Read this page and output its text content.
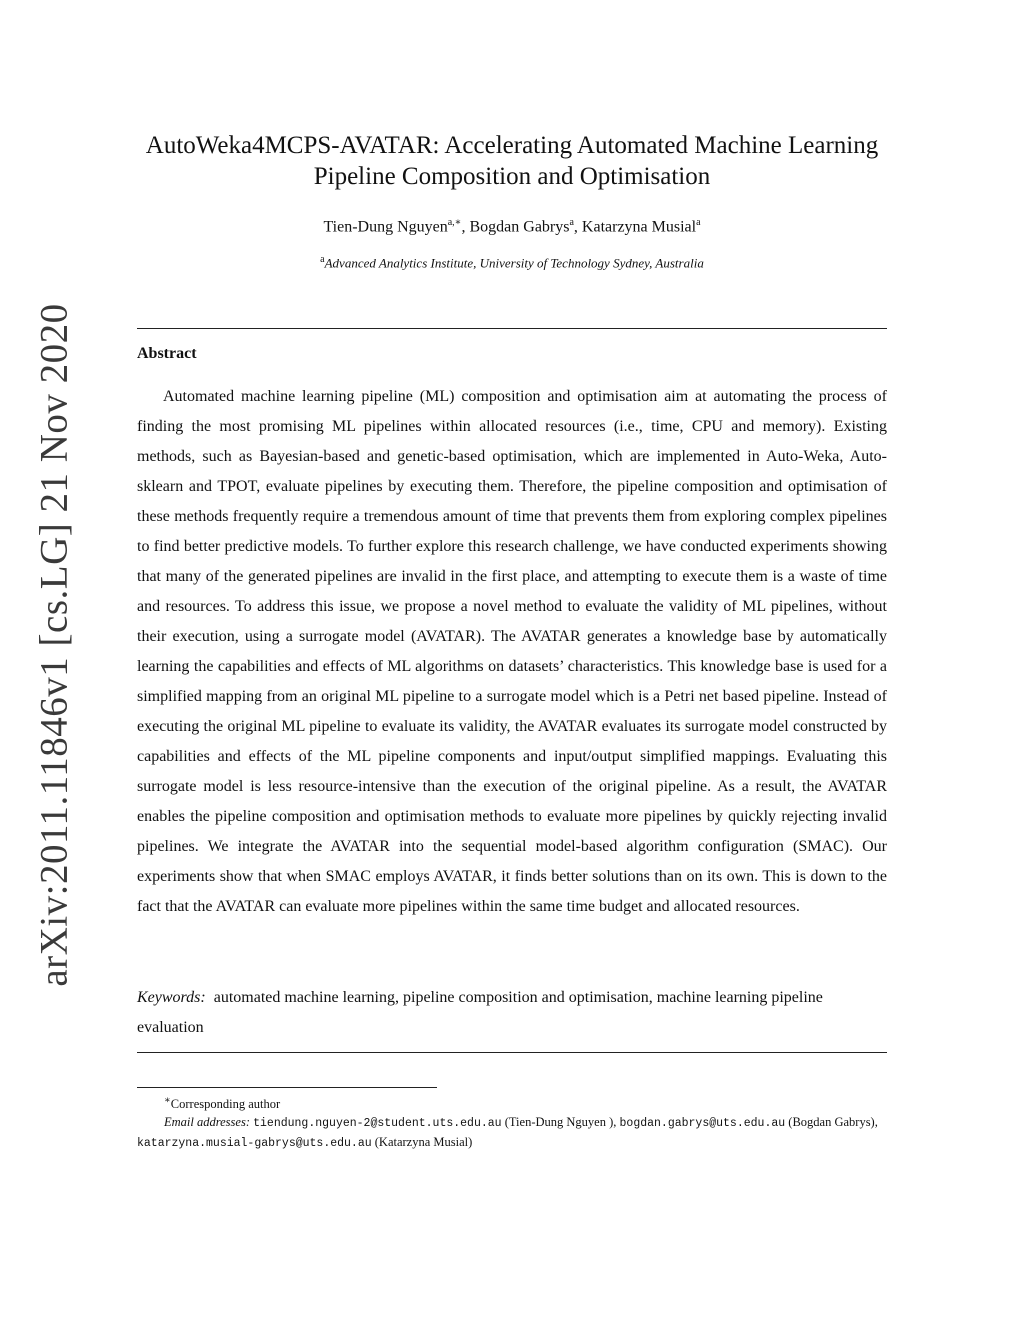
arXiv:2011.11846v1 [cs.LG] 21 Nov 2020
AutoWeka4MCPS-AVATAR: Accelerating Automated Machine Learning
Pipeline Composition and Optimisation
Tien-Dung Nguyen$^{a,∗}$, Bogdan Gabrys$^a$, Katarzyna Musial$^a$
$^a$Advanced Analytics Institute, University of Technology Sydney, Australia
Abstract

Automated machine learning pipeline (ML) composition and optimisation aim at automating the process of finding the most promising ML pipelines within allocated resources (i.e., time, CPU and memory). Existing methods, such as Bayesian-based and genetic-based optimisation, which are implemented in Auto-Weka, Auto-sklearn and TPOT, evaluate pipelines by executing them. Therefore, the pipeline composition and optimisation of these methods frequently require a tremendous amount of time that prevents them from exploring complex pipelines to find better predictive models. To further explore this research challenge, we have conducted experiments showing that many of the generated pipelines are invalid in the first place, and attempting to execute them is a waste of time and resources. To address this issue, we propose a novel method to evaluate the validity of ML pipelines, without their execution, using a surrogate model (AVATAR). The AVATAR generates a knowledge base by automatically learning the capabilities and effects of ML algorithms on datasets’ characteristics. This knowledge base is used for a simplified mapping from an original ML pipeline to a surrogate model which is a Petri net based pipeline. Instead of executing the original ML pipeline to evaluate its validity, the AVATAR evaluates its surrogate model constructed by capabilities and effects of the ML pipeline components and input/output simplified mappings. Evaluating this surrogate model is less resource-intensive than the execution of the original pipeline. As a result, the AVATAR enables the pipeline composition and optimisation methods to evaluate more pipelines by quickly rejecting invalid pipelines. We integrate the AVATAR into the sequential model-based algorithm configuration (SMAC). Our experiments show that when SMAC employs AVATAR, it finds better solutions than on its own. This is down to the fact that the AVATAR can evaluate more pipelines within the same time budget and allocated resources.

Keywords: automated machine learning, pipeline composition and optimisation, machine learning pipeline evaluation

∗Corresponding author
Email addresses: tiendung.nguyen-2@student.uts.edu.au (Tien-Dung Nguyen ), bogdan.gabrys@uts.edu.au (Bogdan Gabrys), katarzyna.musial-gabrys@uts.edu.au (Katarzyna Musial)
